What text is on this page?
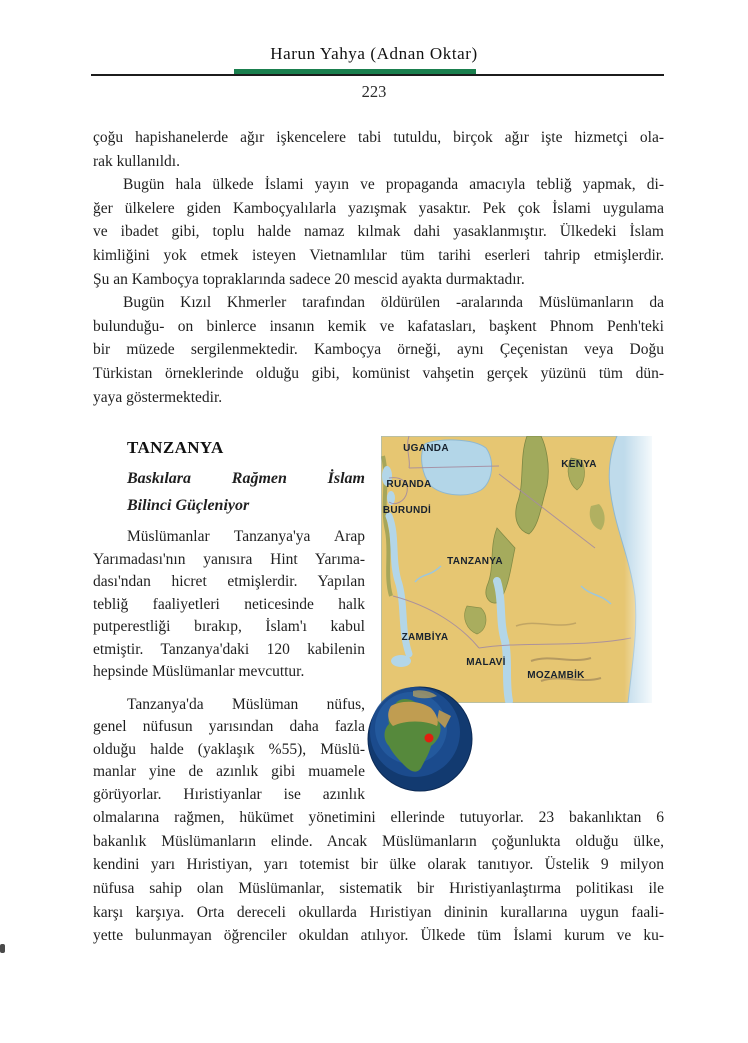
Harun Yahya (Adnan Oktar)
223
çoğu hapishanelerde ağır işkencelere tabi tutuldu, birçok ağır işte hizmetçi ola-
rak kullanıldı.
Bugün hala ülkede İslami yayın ve propaganda amacıyla tebliğ yapmak, di-
ğer ülkelere giden Kamboçyalılarla yazışmak yasaktır. Pek çok İslami uygulama
ve ibadet gibi, toplu halde namaz kılmak dahi yasaklanmıştır. Ülkedeki İslam
kimliğini yok etmek isteyen Vietnamlılar tüm tarihi eserleri tahrip etmişlerdir.
Şu an Kamboçya topraklarında sadece 20 mescid ayakta durmaktadır.
Bugün Kızıl Khmerler tarafından öldürülen -aralarında Müslümanların da
bulunduğu- on binlerce insanın kemik ve kafatasları, başkent Phnom Penh'teki
bir müzede sergilenmektedir. Kamboçya örneği, aynı Çeçenistan veya Doğu
Türkistan örneklerinde olduğu gibi, komünist vahşetin gerçek yüzünü tüm dün-
yaya göstermektedir.
TANZANYA
Baskılara Rağmen İslam
Bilinci Güçleniyor
Müslümanlar Tanzanya'ya Arap
Yarımadası'nın yanısıra Hint Yarıma-
dası'ndan hicret etmişlerdir. Yapılan
tebliğ faaliyetleri neticesinde halk
putperestliği bırakıp, İslam'ı kabul
etmiştir. Tanzanya'daki 120 kabilenin
hepsinde Müslümanlar mevcuttur.
Tanzanya'da Müslüman nüfus,
genel nüfusun yarısından daha fazla
olduğu halde (yaklaşık %55), Müslü-
manlar yine de azınlık gibi muamele
görüyorlar. Hıristiyanlar ise azınlık
UGANDA
KENYA
RUANDA
BURUNDİ
TANZANYA
ZAMBİYA
MALAVİ
MOZAMBİK
olmalarına rağmen, hükümet yönetimini ellerinde tutuyorlar. 23 bakanlıktan 6
bakanlık Müslümanların elinde. Ancak Müslümanların çoğunlukta olduğu ülke,
kendini yarı Hıristiyan, yarı totemist bir ülke olarak tanıtıyor. Üstelik 9 milyon
nüfusa sahip olan Müslümanlar, sistematik bir Hıristiyanlaştırma politikası ile
karşı karşıya. Orta dereceli okullarda Hıristiyan dininin kurallarına uygun faali-
yette bulunmayan öğrenciler okuldan atılıyor. Ülkede tüm İslami kurum ve ku-
